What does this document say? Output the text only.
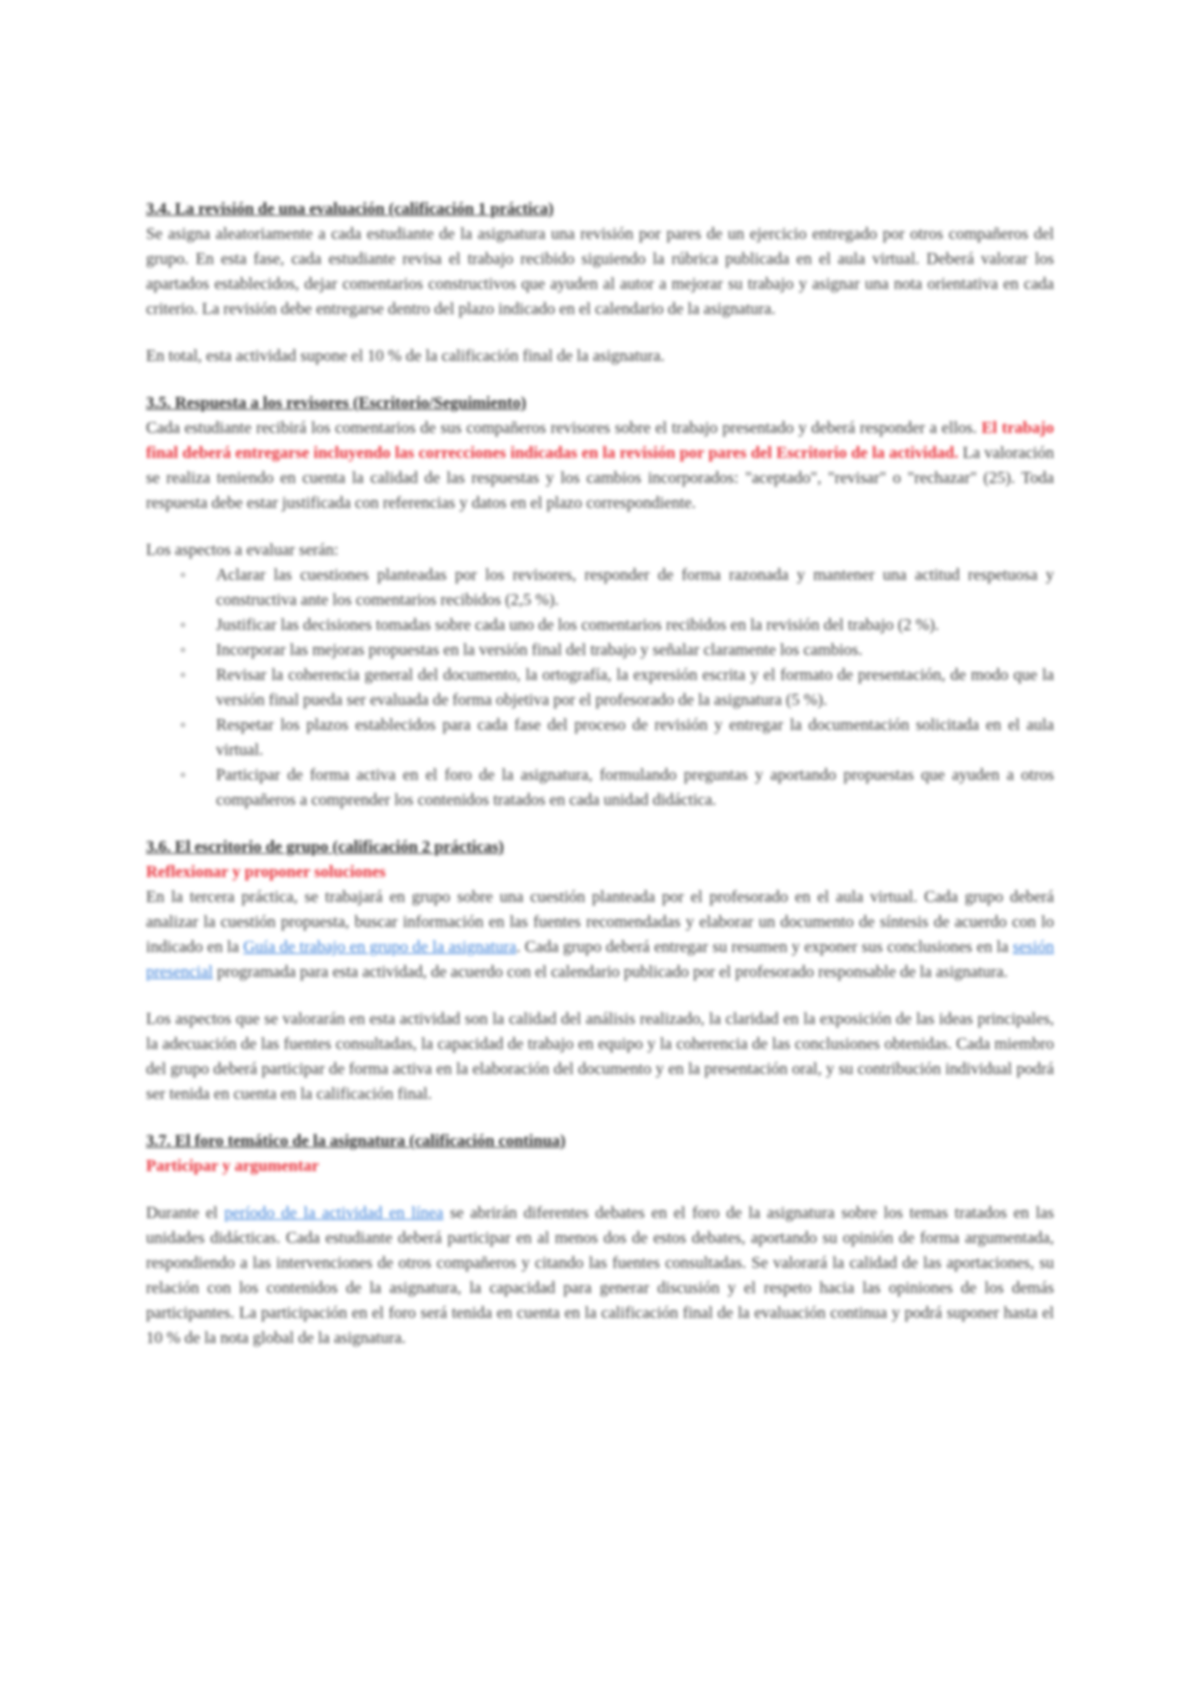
3.4. La revisión de una evaluación (calificación 1 práctica)

Se asigna aleatoriamente a cada estudiante de la asignatura una revisión por pares de un ejercicio entregado por otros compañeros del grupo. En esta fase, cada estudiante revisa el trabajo recibido siguiendo la rúbrica publicada en el aula virtual. Deberá valorar los apartados establecidos, dejar comentarios constructivos que ayuden al autor a mejorar su trabajo y asignar una nota orientativa en cada criterio. La revisión debe entregarse dentro del plazo indicado en el calendario de la asignatura.

En total, esta actividad supone el 10 % de la calificación final de la asignatura.

3.5. Respuesta a los revisores (Escritorio/Seguimiento)

Cada estudiante recibirá los comentarios de sus compañeros revisores sobre el trabajo presentado y deberá responder a ellos. El trabajo final deberá entregarse incluyendo las correcciones indicadas en la revisión por pares del Escritorio de la actividad. La valoración se realiza teniendo en cuenta la calidad de las respuestas y los cambios incorporados: "aceptado", "revisar" o "rechazar" (25). Toda respuesta debe estar justificada con referencias y datos en el plazo correspondiente.

Los aspectos a evaluar serán:

◦ Aclarar las cuestiones planteadas por los revisores, responder de forma razonada y mantener una actitud respetuosa y constructiva ante los comentarios recibidos (2,5 %).
◦ Justificar las decisiones tomadas sobre cada uno de los comentarios recibidos en la revisión del trabajo (2 %).
◦ Incorporar las mejoras propuestas en la versión final del trabajo y señalar claramente los cambios.
◦ Revisar la coherencia general del documento, la ortografía, la expresión escrita y el formato de presentación, de modo que la versión final pueda ser evaluada de forma objetiva por el profesorado de la asignatura (5 %).
◦ Respetar los plazos establecidos para cada fase del proceso de revisión y entregar la documentación solicitada en el aula virtual.
◦ Participar de forma activa en el foro de la asignatura, formulando preguntas y aportando propuestas que ayuden a otros compañeros a comprender los contenidos tratados en cada unidad didáctica.
3.6. El escritorio de grupo (calificación 2 prácticas)
Reflexionar y proponer soluciones

En la tercera práctica, se trabajará en grupo sobre una cuestión planteada por el profesorado en el aula virtual. Cada grupo deberá analizar la cuestión propuesta, buscar información en las fuentes recomendadas y elaborar un documento de síntesis de acuerdo con lo indicado en la Guía de trabajo en grupo de la asignatura. Cada grupo deberá entregar su resumen y exponer sus conclusiones en la sesión presencial programada para esta actividad, de acuerdo con el calendario publicado por el profesorado responsable de la asignatura.

Los aspectos que se valorarán en esta actividad son la calidad del análisis realizado, la claridad en la exposición de las ideas principales, la adecuación de las fuentes consultadas, la capacidad de trabajo en equipo y la coherencia de las conclusiones obtenidas. Cada miembro del grupo deberá participar de forma activa en la elaboración del documento y en la presentación oral, y su contribución individual podrá ser tenida en cuenta en la calificación final.

3.7. El foro temático de la asignatura (calificación continua)
Participar y argumentar

Durante el período de la actividad en línea se abrirán diferentes debates en el foro de la asignatura sobre los temas tratados en las unidades didácticas. Cada estudiante deberá participar en al menos dos de estos debates, aportando su opinión de forma argumentada, respondiendo a las intervenciones de otros compañeros y citando las fuentes consultadas. Se valorará la calidad de las aportaciones, su relación con los contenidos de la asignatura, la capacidad para generar discusión y el respeto hacia las opiniones de los demás participantes. La participación en el foro será tenida en cuenta en la calificación final de la evaluación continua y podrá suponer hasta el 10 % de la nota global de la asignatura.
